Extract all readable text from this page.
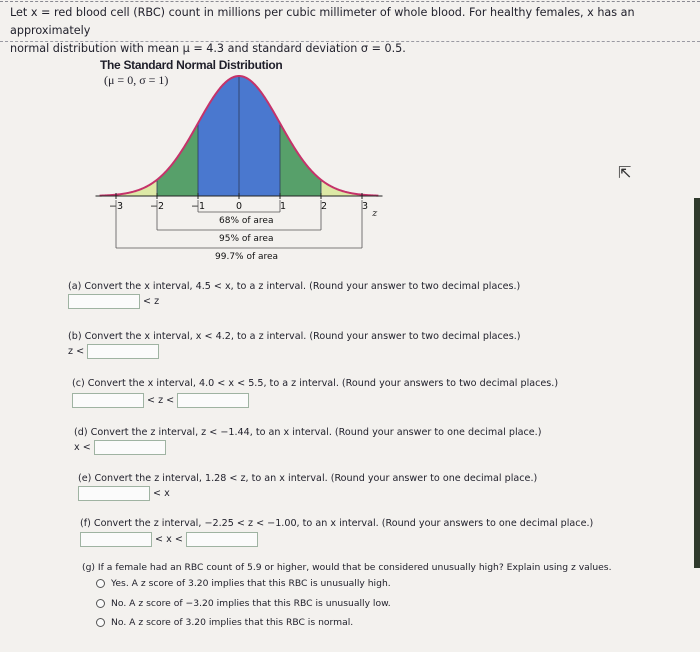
Let x = red blood cell (RBC) count in millions per cubic millimeter of whole blood. For healthy females, x has an approximately
normal distribution with mean μ = 4.3 and standard deviation σ = 0.5.
−3	−2	−1	0	1	2	3
z
68% of area
95% of area
99.7% of area
The Standard Normal Distribution
(μ = 0, σ = 1)
⇱
(a) Convert the x interval, 4.5 < x, to a z interval. (Round your answer to two decimal places.)
< z
(b) Convert the x interval, x < 4.2, to a z interval. (Round your answer to two decimal places.)
z <
(c) Convert the x interval, 4.0 < x < 5.5, to a z interval. (Round your answers to two decimal places.)
< z <
(d) Convert the z interval, z < −1.44, to an x interval. (Round your answer to one decimal place.)
x <
(e) Convert the z interval, 1.28 < z, to an x interval. (Round your answer to one decimal place.)
< x
(f) Convert the z interval, −2.25 < z < −1.00, to an x interval. (Round your answers to one decimal place.)
< x <
(g) If a female had an RBC count of 5.9 or higher, would that be considered unusually high? Explain using z values.
Yes. A z score of 3.20 implies that this RBC is unusually high.
No. A z score of −3.20 implies that this RBC is unusually low.
No. A z score of 3.20 implies that this RBC is normal.
